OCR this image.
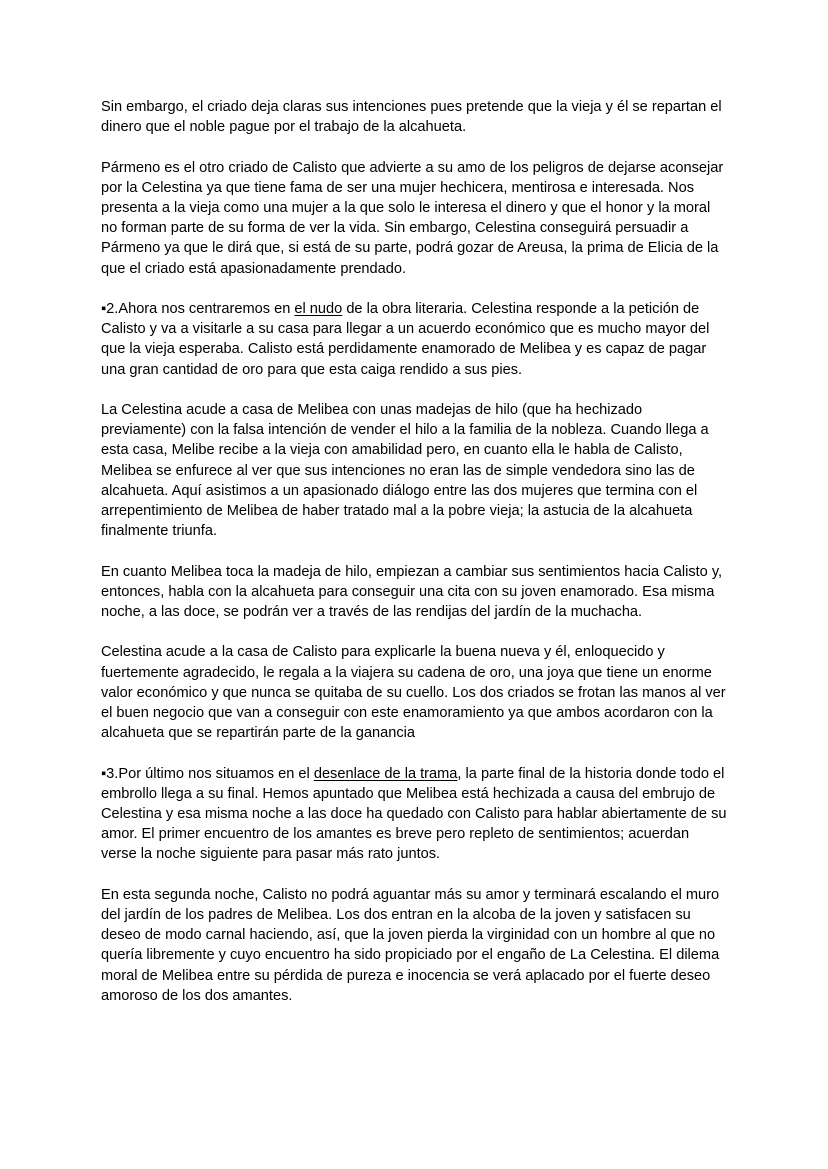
Sin embargo, el criado deja claras sus intenciones pues pretende que la vieja y él se repartan el dinero que el noble pague por el trabajo de la alcahueta.

Pármeno es el otro criado de Calisto que advierte a su amo de los peligros de dejarse aconsejar por la Celestina ya que tiene fama de ser una mujer hechicera, mentirosa e interesada. Nos presenta a la vieja como una mujer a la que solo le interesa el dinero y que el honor y la moral no forman parte de su forma de ver la vida. Sin embargo, Celestina conseguirá persuadir a Pármeno ya que le dirá que, si está de su parte, podrá gozar de Areusa, la prima de Elicia de la que el criado está apasionadamente prendado.

▪2.Ahora nos centraremos en el nudo de la obra literaria. Celestina responde a la petición de Calisto y va a visitarle a su casa para llegar a un acuerdo económico que es mucho mayor del que la vieja esperaba. Calisto está perdidamente enamorado de Melibea y es capaz de pagar una gran cantidad de oro para que esta caiga rendido a sus pies.

La Celestina acude a casa de Melibea con unas madejas de hilo (que ha hechizado previamente) con la falsa intención de vender el hilo a la familia de la nobleza. Cuando llega a esta casa, Melibe recibe a la vieja con amabilidad pero, en cuanto ella le habla de Calisto, Melibea se enfurece al ver que sus intenciones no eran las de simple vendedora sino las de alcahueta. Aquí asistimos a un apasionado diálogo entre las dos mujeres que termina con el arrepentimiento de Melibea de haber tratado mal a la pobre vieja; la astucia de la alcahueta finalmente triunfa.

En cuanto Melibea toca la madeja de hilo, empiezan a cambiar sus sentimientos hacia Calisto y, entonces, habla con la alcahueta para conseguir una cita con su joven enamorado. Esa misma noche, a las doce, se podrán ver a través de las rendijas del jardín de la muchacha.

Celestina acude a la casa de Calisto para explicarle la buena nueva y él, enloquecido y fuertemente agradecido, le regala a la viajera su cadena de oro, una joya que tiene un enorme valor económico y que nunca se quitaba de su cuello. Los dos criados se frotan las manos al ver el buen negocio que van a conseguir con este enamoramiento ya que ambos acordaron con la alcahueta que se repartirán parte de la ganancia

▪3.Por último nos situamos en el desenlace de la trama, la parte final de la historia donde todo el embrollo llega a su final. Hemos apuntado que Melibea está hechizada a causa del embrujo de Celestina y esa misma noche a las doce ha quedado con Calisto para hablar abiertamente de su amor. El primer encuentro de los amantes es breve pero repleto de sentimientos; acuerdan verse la noche siguiente para pasar más rato juntos.

En esta segunda noche, Calisto no podrá aguantar más su amor y terminará escalando el muro del jardín de los padres de Melibea. Los dos entran en la alcoba de la joven y satisfacen su deseo de modo carnal haciendo, así, que la joven pierda la virginidad con un hombre al que no quería libremente y cuyo encuentro ha sido propiciado por el engaño de La Celestina. El dilema moral de Melibea entre su pérdida de pureza e inocencia se verá aplacado por el fuerte deseo amoroso de los dos amantes.
